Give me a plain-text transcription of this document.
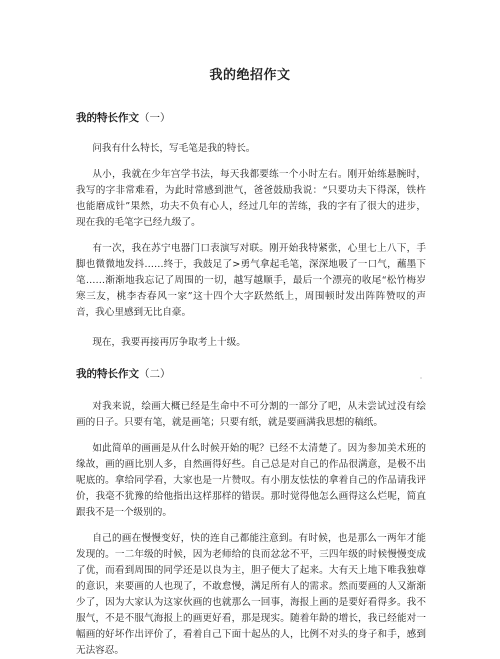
我的绝招作文
我的特长作文（一）

问我有什么特长，写毛笔是我的特长。

从小，我就在少年宫学书法，每天我都要练一个小时左右。刚开始练悬腕时，我写的字非常难看，为此时常感到泄气，爸爸鼓励我说：“只要功夫下得深，铁杵也能磨成针”果然，功夫不负有心人，经过几年的苦练，我的字有了很大的进步，现在我的毛笔字已经九级了。

有一次，我在苏宁电器门口表演写对联。刚开始我特紧张，心里七上八下，手脚也微微地发抖……终于，我鼓足了>勇气拿起毛笔，深深地吸了一口气，蘸墨下笔……渐渐地我忘记了周围的一切，越写越顺手，最后一个漂亮的收尾“松竹梅岁寒三友，桃李杏春风一家”这十四个大字跃然纸上，周围顿时发出阵阵赞叹的声音，我心里感到无比自豪。

现在，我要再接再厉争取考上十级。

我的特长作文（二）

对我来说，绘画大概已经是生命中不可分割的一部分了吧，从未尝试过没有绘画的日子。只要有笔，就是画笔；只要有纸，就是要画满我思想的稿纸。

如此简单的画画是从什么时候开始的呢？已经不太清楚了。因为参加美术班的缘故，画的画比别人多，自然画得好些。自己总是对自己的作品很满意，是极不出呢底的。拿给同学看，大家也是一片赞叹。有小朋友怯怯的拿着自己的作品请我评价，我毫不犹豫的给他指出这样那样的错误。那时觉得他怎么画得这么烂呢，简直跟我不是一个级别的。

自己的画在慢慢变好，快的连自己都能注意到。有时候，也是那么一两年才能发现的。一二年级的时候，因为老师给的良而忿忿不平，三四年级的时候慢慢变成了优，而看到周围的同学还是以良为主，胆子便大了起来。大有天上地下唯我独尊的意识，来要画的人也现了，不敢怠慢，满足所有人的需求。然而要画的人又渐渐少了，因为大家认为这家伙画的也就那么一回事，海报上画的是要好看得多。我不服气，不是不服气海报上的画更好看，那是现实。随着年龄的增长，我已经能对一幅画的好坏作出评价了，看着自己下面十起丛的人，比例不对头的身子和手，感到无法容忍。
